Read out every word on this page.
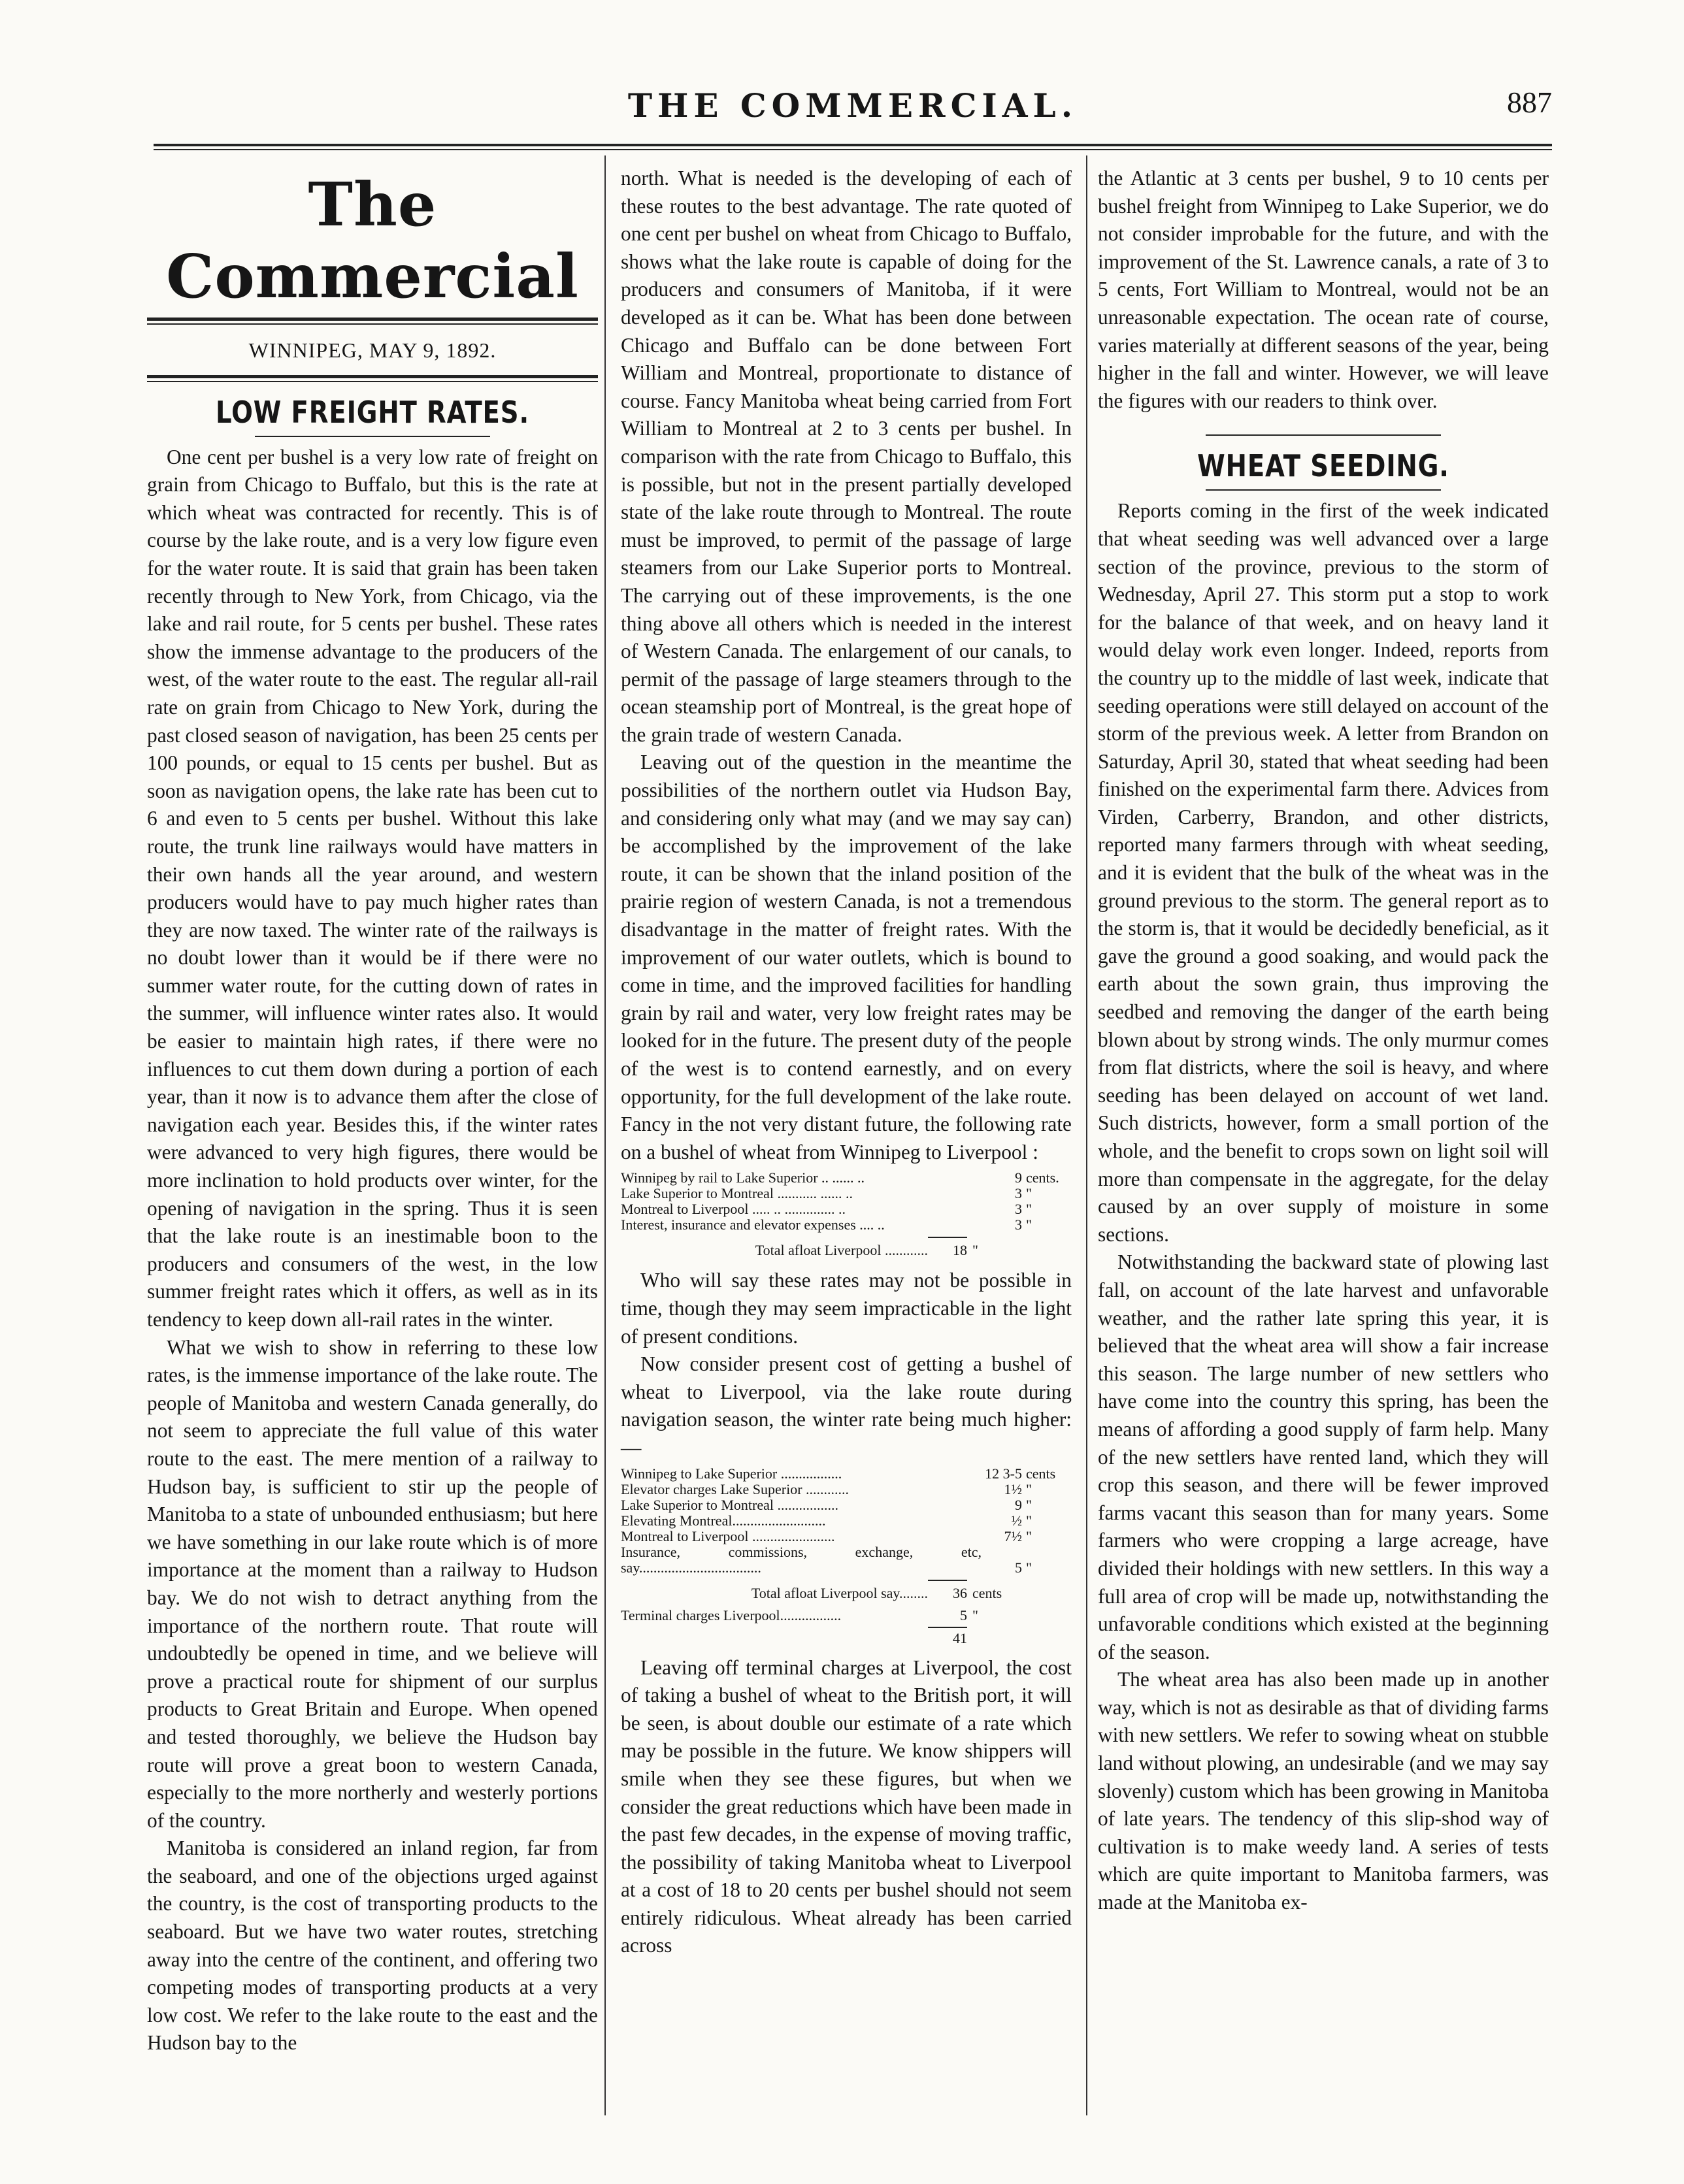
THE COMMERCIAL.	887
The Commercial
WINNIPEG, MAY 9, 1892.
LOW FREIGHT RATES.

One cent per bushel is a very low rate of freight on grain from Chicago to Buffalo, but this is the rate at which wheat was contracted for recently. This is of course by the lake route, and is a very low figure even for the water route. It is said that grain has been taken recently through to New York, from Chicago, via the lake and rail route, for 5 cents per bushel. These rates show the immense advantage to the producers of the west, of the water route to the east. The regular all-rail rate on grain from Chicago to New York, during the past closed season of navigation, has been 25 cents per 100 pounds, or equal to 15 cents per bushel. But as soon as navigation opens, the lake rate has been cut to 6 and even to 5 cents per bushel. Without this lake route, the trunk line railways would have matters in their own hands all the year around, and western producers would have to pay much higher rates than they are now taxed. The winter rate of the railways is no doubt lower than it would be if there were no summer water route, for the cutting down of rates in the summer, will influence winter rates also. It would be easier to maintain high rates, if there were no influences to cut them down during a portion of each year, than it now is to advance them after the close of navigation each year. Besides this, if the winter rates were advanced to very high figures, there would be more inclination to hold products over winter, for the opening of navigation in the spring. Thus it is seen that the lake route is an inestimable boon to the producers and consumers of the west, in the low summer freight rates which it offers, as well as in its tendency to keep down all-rail rates in the winter.

What we wish to show in referring to these low rates, is the immense importance of the lake route. The people of Manitoba and western Canada generally, do not seem to appreciate the full value of this water route to the east. The mere mention of a railway to Hudson bay, is sufficient to stir up the people of Manitoba to a state of unbounded enthusiasm; but here we have something in our lake route which is of more importance at the moment than a railway to Hudson bay. We do not wish to detract anything from the importance of the northern route. That route will undoubtedly be opened in time, and we believe will prove a practical route for shipment of our surplus products to Great Britain and Europe. When opened and tested thoroughly, we believe the Hudson bay route will prove a great boon to western Canada, especially to the more northerly and westerly portions of the country.

Manitoba is considered an inland region, far from the seaboard, and one of the objections urged against the country, is the cost of transporting products to the seaboard. But we have two water routes, stretching away into the centre of the continent, and offering two competing modes of transporting products at a very low cost. We refer to the lake route to the east and the Hudson bay to the

north. What is needed is the developing of each of these routes to the best advantage. The rate quoted of one cent per bushel on wheat from Chicago to Buffalo, shows what the lake route is capable of doing for the producers and consumers of Manitoba, if it were developed as it can be. What has been done between Chicago and Buffalo can be done between Fort William and Montreal, proportionate to distance of course. Fancy Manitoba wheat being carried from Fort William to Montreal at 2 to 3 cents per bushel. In comparison with the rate from Chicago to Buffalo, this is possible, but not in the present partially developed state of the lake route through to Montreal. The route must be improved, to permit of the passage of large steamers from our Lake Superior ports to Montreal. The carrying out of these improvements, is the one thing above all others which is needed in the interest of Western Canada. The enlargement of our canals, to permit of the passage of large steamers through to the ocean steamship port of Montreal, is the great hope of the grain trade of western Canada.

Leaving out of the question in the meantime the possibilities of the northern outlet via Hudson Bay, and considering only what may (and we may say can) be accomplished by the improvement of the lake route, it can be shown that the inland position of the prairie region of western Canada, is not a tremendous disadvantage in the matter of freight rates. With the improvement of our water outlets, which is bound to come in time, and the improved facilities for handling grain by rail and water, very low freight rates may be looked for in the future. The present duty of the people of the west is to contend earnestly, and on every opportunity, for the full development of the lake route. Fancy in the not very distant future, the following rate on a bushel of wheat from Winnipeg to Liverpool :

Winnipeg by rail to Lake Superior .. ...... ..	9	cents.
Lake Superior to Montreal ........... ...... ..	3	"
Montreal to Liverpool ..... .. .............. ..	3	"
Interest, insurance and elevator expenses .... ..	3	"
Total afloat Liverpool ............ 18 "

Who will say these rates may not be possible in time, though they may seem impracticable in the light of present conditions.

Now consider present cost of getting a bushel of wheat to Liverpool, via the lake route during navigation season, the winter rate being much higher:—

Winnipeg to Lake Superior .................	12 3-5	cents
Elevator charges Lake Superior ............	1½	"
Lake Superior to Montreal .................	9	"
Elevating Montreal..........................	½	"
Montreal to Liverpool .......................	7½	"
Insurance, commissions, exchange, etc, say..................................	5	"
Total afloat Liverpool say........ 36 cents
Terminal charges Liverpool.................	5 "
41

Leaving off terminal charges at Liverpool, the cost of taking a bushel of wheat to the British port, it will be seen, is about double our estimate of a rate which may be possible in the future. We know shippers will smile when they see these figures, but when we consider the great reductions which have been made in the past few decades, in the expense of moving traffic, the possibility of taking Manitoba wheat to Liverpool at a cost of 18 to 20 cents per bushel should not seem entirely ridiculous. Wheat already has been carried across

the Atlantic at 3 cents per bushel, 9 to 10 cents per bushel freight from Winnipeg to Lake Superior, we do not consider improbable for the future, and with the improvement of the St. Lawrence canals, a rate of 3 to 5 cents, Fort William to Montreal, would not be an unreasonable expectation. The ocean rate of course, varies materially at different seasons of the year, being higher in the fall and winter. However, we will leave the figures with our readers to think over.

WHEAT SEEDING.

Reports coming in the first of the week indicated that wheat seeding was well advanced over a large section of the province, previous to the storm of Wednesday, April 27. This storm put a stop to work for the balance of that week, and on heavy land it would delay work even longer. Indeed, reports from the country up to the middle of last week, indicate that seeding operations were still delayed on account of the storm of the previous week. A letter from Brandon on Saturday, April 30, stated that wheat seeding had been finished on the experimental farm there. Advices from Virden, Carberry, Brandon, and other districts, reported many farmers through with wheat seeding, and it is evident that the bulk of the wheat was in the ground previous to the storm. The general report as to the storm is, that it would be decidedly beneficial, as it gave the ground a good soaking, and would pack the earth about the sown grain, thus improving the seedbed and removing the danger of the earth being blown about by strong winds. The only murmur comes from flat districts, where the soil is heavy, and where seeding has been delayed on account of wet land. Such districts, however, form a small portion of the whole, and the benefit to crops sown on light soil will more than compensate in the aggregate, for the delay caused by an over supply of moisture in some sections.

Notwithstanding the backward state of plowing last fall, on account of the late harvest and unfavorable weather, and the rather late spring this year, it is believed that the wheat area will show a fair increase this season. The large number of new settlers who have come into the country this spring, has been the means of affording a good supply of farm help. Many of the new settlers have rented land, which they will crop this season, and there will be fewer improved farms vacant this season than for many years. Some farmers who were cropping a large acreage, have divided their holdings with new settlers. In this way a full area of crop will be made up, notwithstanding the unfavorable conditions which existed at the beginning of the season.

The wheat area has also been made up in another way, which is not as desirable as that of dividing farms with new settlers. We refer to sowing wheat on stubble land without plowing, an undesirable (and we may say slovenly) custom which has been growing in Manitoba of late years. The tendency of this slip-shod way of cultivation is to make weedy land. A series of tests which are quite important to Manitoba farmers, was made at the Manitoba ex-
